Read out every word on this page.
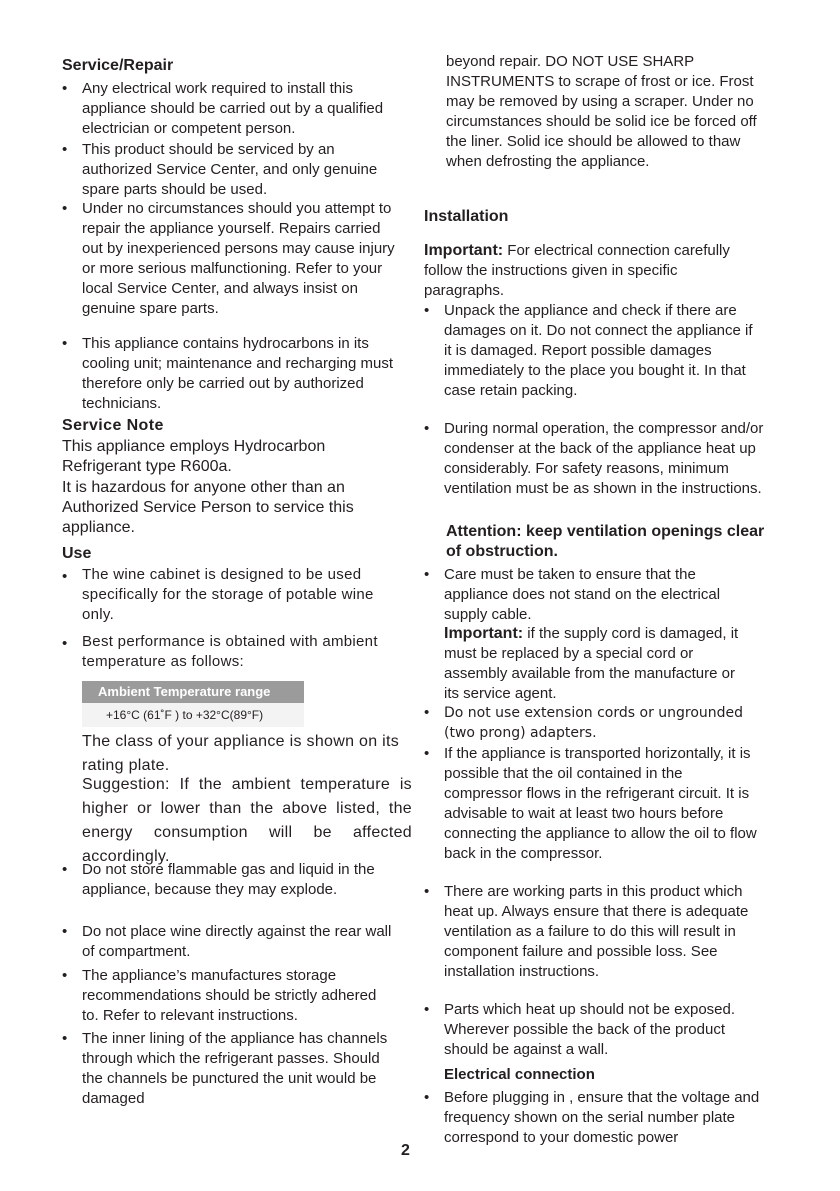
Service/Repair
• Any electrical work required to install this appliance should be carried out by a qualified electrician or competent person.
• This product should be serviced by an authorized Service Center, and only genuine spare parts should be used.
• Under no circumstances should you attempt to repair the appliance yourself. Repairs carried out by inexperienced persons may cause injury or more serious malfunctioning. Refer to your local Service Center, and always insist on genuine spare parts.
• This appliance contains hydrocarbons in its cooling unit; maintenance and recharging must therefore only be carried out by authorized technicians.
Service Note
This appliance employs Hydrocarbon Refrigerant type R600a.
It is hazardous for anyone other than an Authorized Service Person to service this appliance.
Use
• The wine cabinet is designed to be used specifically for the storage of potable wine only.
• Best performance is obtained with ambient temperature as follows:
Ambient Temperature range
+16°C (61˚F ) to +32°C(89°F)
The class of your appliance is shown on its rating plate.
Suggestion: If the ambient temperature is higher or lower than the above listed, the energy consumption will be affected accordingly.
• Do not store flammable gas and liquid in the appliance, because they may explode.
• Do not place wine directly against the rear wall of compartment.
• The appliance’s manufactures storage recommendations should be strictly adhered to. Refer to relevant instructions.
• The inner lining of the appliance has channels through which the refrigerant passes. Should the channels be punctured the unit would be damaged
beyond repair. DO NOT USE SHARP INSTRUMENTS to scrape of frost or ice. Frost may be removed by using a scraper. Under no circumstances should be solid ice be forced off the liner. Solid ice should be allowed to thaw when defrosting the appliance.
Installation
Important: For electrical connection carefully follow the instructions given in specific paragraphs.
• Unpack the appliance and check if there are damages on it. Do not connect the appliance if it is damaged. Report possible damages immediately to the place you bought it. In that case retain packing.
• During normal operation, the compressor and/or condenser at the back of the appliance heat up considerably. For safety reasons, minimum ventilation must be as shown in the instructions.
Attention: keep ventilation openings clear of obstruction.
• Care must be taken to ensure that the appliance does not stand on the electrical supply cable.
Important: if the supply cord is damaged, it must be replaced by a special cord or assembly available from the manufacture or its service agent.
• Do not use extension cords or ungrounded (two prong) adapters.
• If the appliance is transported horizontally, it is possible that the oil contained in the compressor flows in the refrigerant circuit. It is advisable to wait at least two hours before connecting the appliance to allow the oil to flow back in the compressor.
• There are working parts in this product which heat up. Always ensure that there is adequate ventilation as a failure to do this will result in component failure and possible loss. See installation instructions.
• Parts which heat up should not be exposed. Wherever possible the back of the product should be against a wall.
Electrical connection
• Before plugging in , ensure that the voltage and frequency shown on the serial number plate correspond to your domestic power
2
